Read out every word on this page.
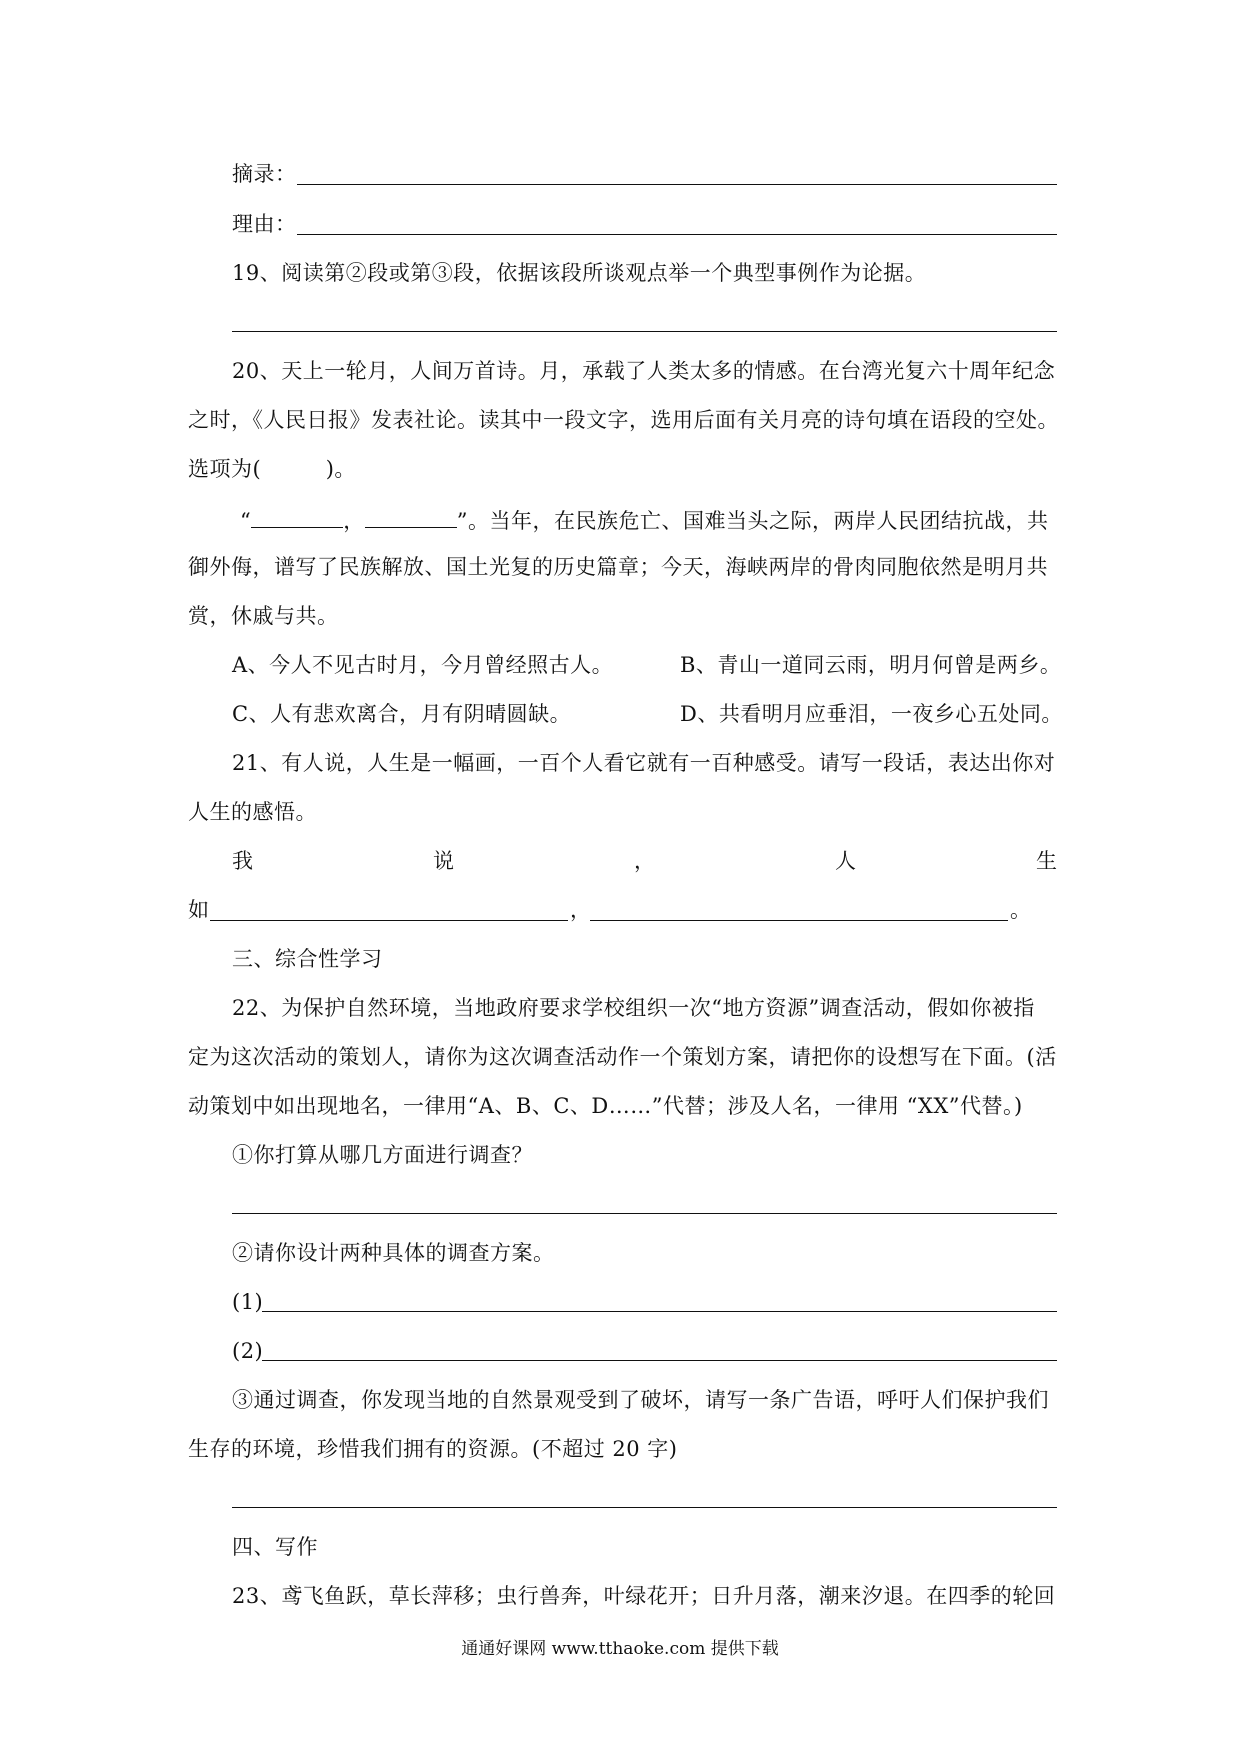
摘录：
理由：
19、阅读第②段或第③段，依据该段所谈观点举一个典型事例作为论据。
20、天上一轮月，人间万首诗。月，承载了人类太多的情感。在台湾光复六十周年纪念
之时，《人民日报》发表社论。读其中一段文字，选用后面有关月亮的诗句填在语段的空处。
选项为(　　　)。
“	，	”。当年，在民族危亡、国难当头之际，两岸人民团结抗战，共
御外侮，谱写了民族解放、国土光复的历史篇章；今天，海峡两岸的骨肉同胞依然是明月共
赏，休戚与共。
A、今人不见古时月，今月曾经照古人。	B、青山一道同云雨，明月何曾是两乡。
C、人有悲欢离合，月有阴晴圆缺。	D、共看明月应垂泪，一夜乡心五处同。
21、有人说，人生是一幅画，一百个人看它就有一百种感受。请写一段话，表达出你对
人生的感悟。
我	说	，	人	生
如	，	。
三、综合性学习
22、为保护自然环境，当地政府要求学校组织一次“地方资源”调查活动，假如你被指
定为这次活动的策划人，请你为这次调查活动作一个策划方案，请把你的设想写在下面。(活
动策划中如出现地名，一律用“A、B、C、D……”代替；涉及人名，一律用 “XX”代替。)
①你打算从哪几方面进行调查？
②请你设计两种具体的调查方案。
(1)
(2)
③通过调查，你发现当地的自然景观受到了破坏，请写一条广告语，呼吁人们保护我们
生存的环境，珍惜我们拥有的资源。(不超过 20 字)
四、写作
23、鸢飞鱼跃，草长萍移；虫行兽奔，叶绿花开；日升月落，潮来汐退。在四季的轮回
通通好课网 www.tthaoke.com 提供下载
